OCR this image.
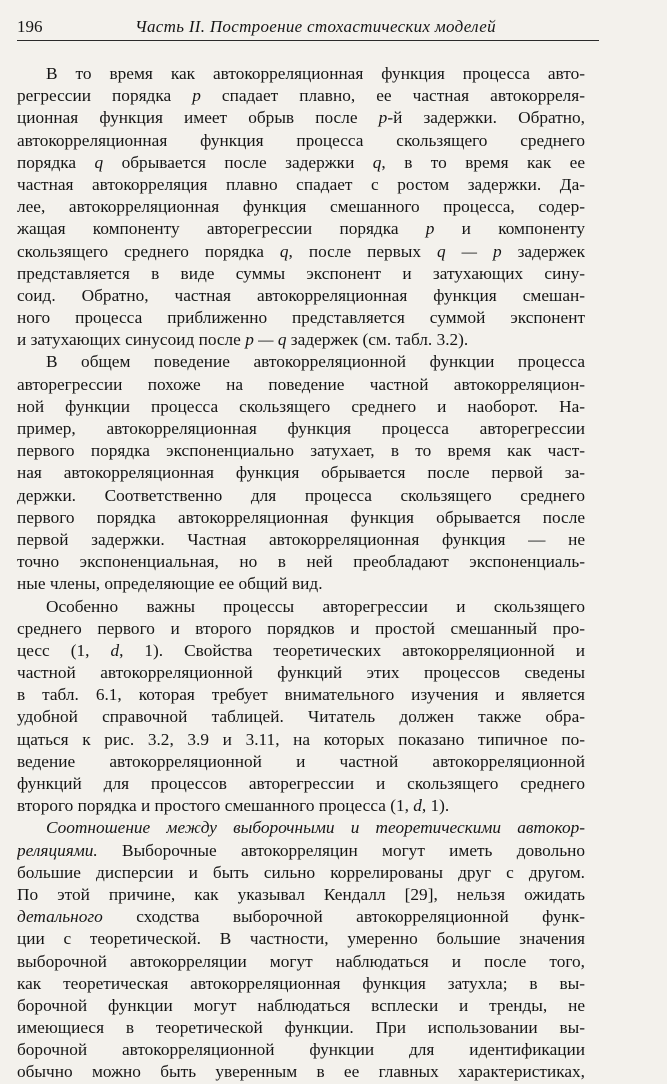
196	Часть II. Построение стохастических моделей
В то время как автокорреляционная функция процесса авто-
регрессии порядка p спадает плавно, ее частная автокорреля-
ционная функция имеет обрыв после p-й задержки. Обратно,
автокорреляционная функция процесса скользящего среднего
порядка q обрывается после задержки q, в то время как ее
частная автокорреляция плавно спадает с ростом задержки. Да-
лее, автокорреляционная функция смешанного процесса, содер-
жащая компоненту авторегрессии порядка p и компоненту
скользящего среднего порядка q, после первых q — p задержек
представляется в виде суммы экспонент и затухающих сину-
соид. Обратно, частная автокорреляционная функция смешан-
ного процесса приближенно представляется суммой экспонент
и затухающих синусоид после p — q задержек (см. табл. 3.2).
В общем поведение автокорреляционной функции процесса
авторегрессии похоже на поведение частной автокорреляцион-
ной функции процесса скользящего среднего и наоборот. На-
пример, автокорреляционная функция процесса авторегрессии
первого порядка экспоненциально затухает, в то время как част-
ная автокорреляционная функция обрывается после первой за-
держки. Соответственно для процесса скользящего среднего
первого порядка автокорреляционная функция обрывается после
первой задержки. Частная автокорреляционная функция — не
точно экспоненциальная, но в ней преобладают экспоненциаль-
ные члены, определяющие ее общий вид.
Особенно важны процессы авторегрессии и скользящего
среднего первого и второго порядков и простой смешанный про-
цесс (1, d, 1). Свойства теоретических автокорреляционной и
частной автокорреляционной функций этих процессов сведены
в табл. 6.1, которая требует внимательного изучения и является
удобной справочной таблицей. Читатель должен также обра-
щаться к рис. 3.2, 3.9 и 3.11, на которых показано типичное по-
ведение автокорреляционной и частной автокорреляционной
функций для процессов авторегрессии и скользящего среднего
второго порядка и простого смешанного процесса (1, d, 1).
Соотношение между выборочными и теоретическими автокор-
реляциями. Выборочные автокорреляцин могут иметь довольно
большие дисперсии и быть сильно коррелированы друг с другом.
По этой причине, как указывал Кендалл [29], нельзя ожидать
детального сходства выборочной автокорреляционной функ-
ции с теоретической. В частности, умеренно большие значения
выборочной автокорреляции могут наблюдаться и после того,
как теоретическая автокорреляционная функция затухла; в вы-
борочной функции могут наблюдаться всплески и тренды, не
имеющиеся в теоретической функции. При использовании вы-
борочной автокорреляционной функции для идентификации
обычно можно быть уверенным в ее главных характеристиках,
